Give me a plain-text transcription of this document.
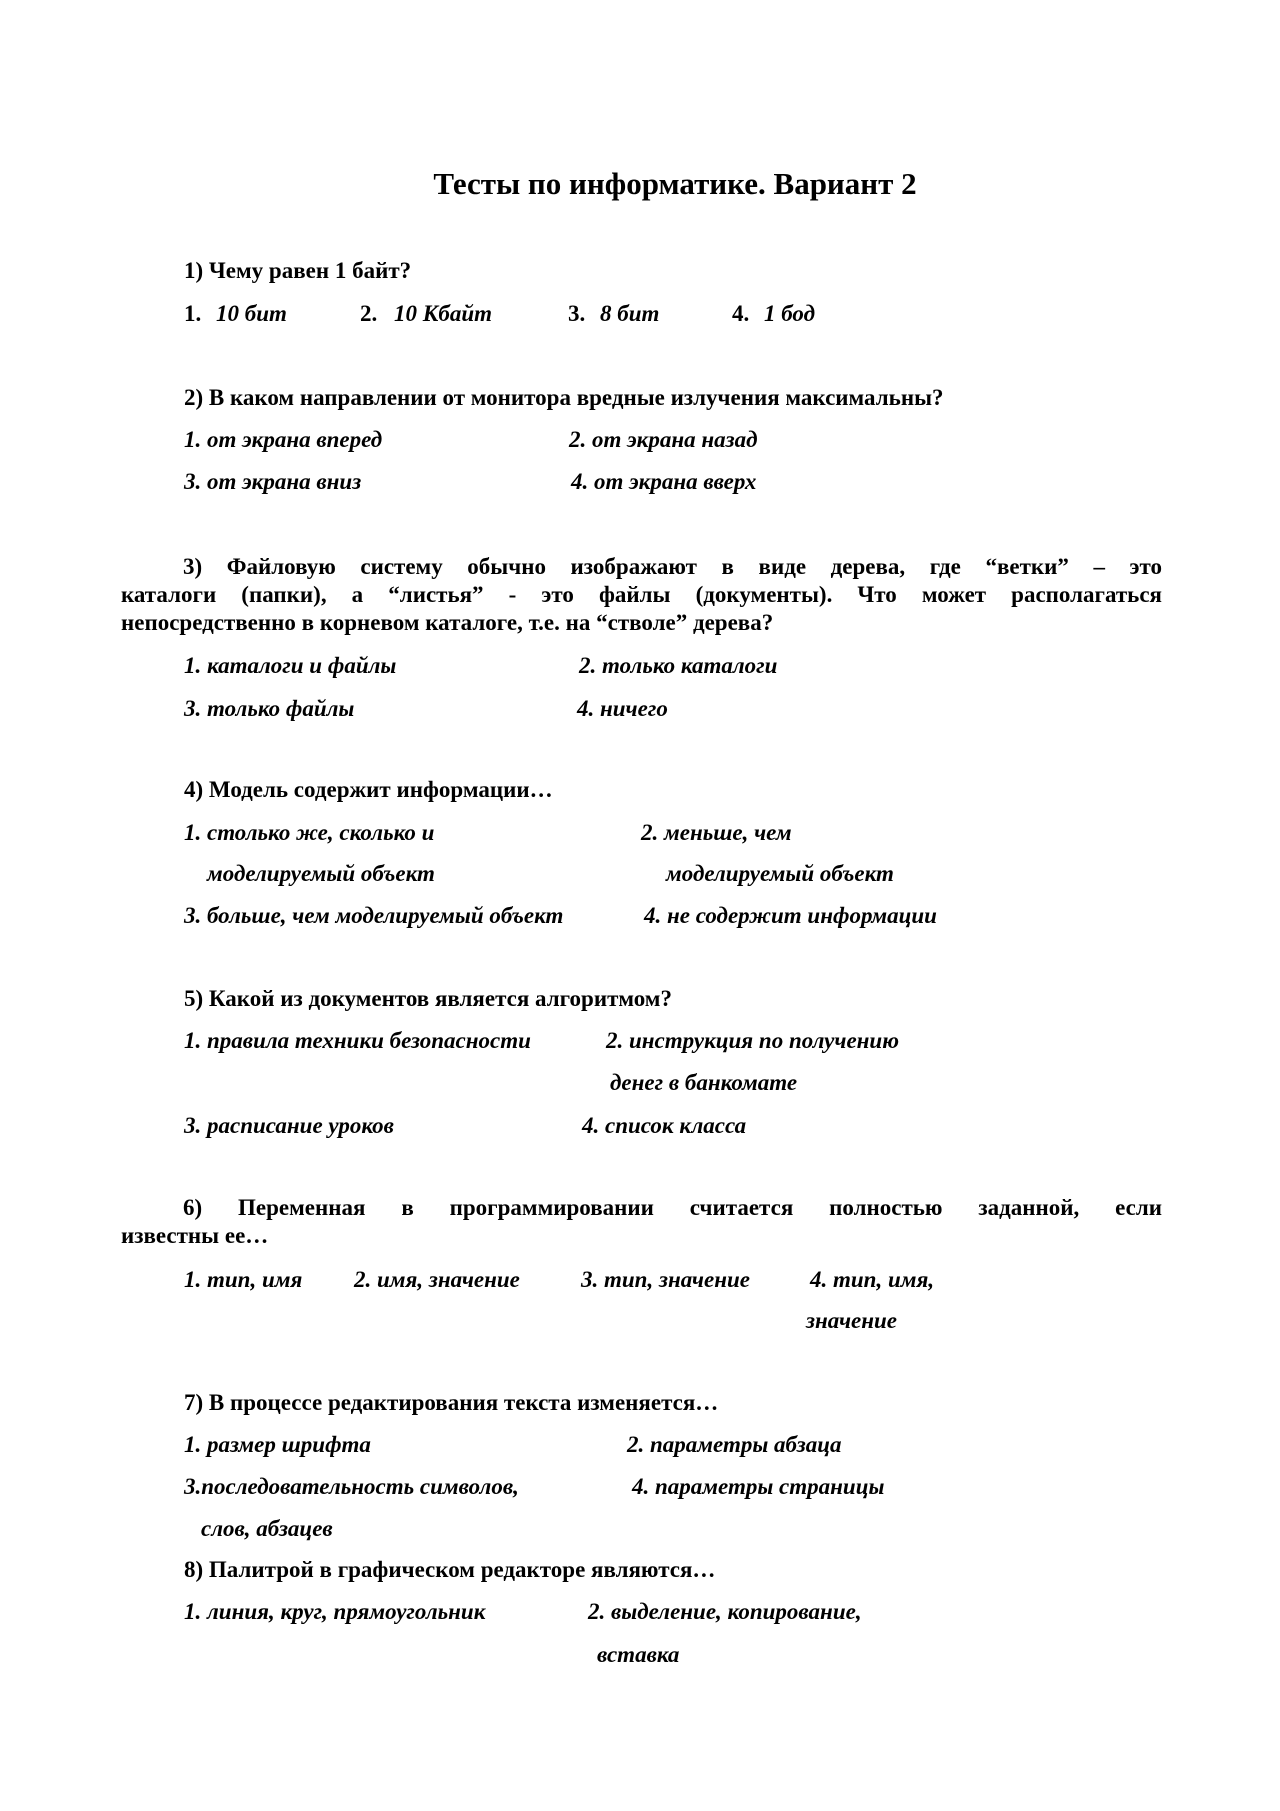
Тесты по информатике. Вариант 2
1) Чему равен 1 байт?
1. 10 бит	2. 10 Кбайт	3. 8 бит	4. 1 бод
2) В каком направлении от монитора вредные излучения максимальны?
1. от экрана вперед	2. от экрана назад
3. от экрана вниз	4. от экрана вверх
3) Файловую систему обычно изображают в виде дерева, где “ветки” – это
каталоги (папки), а “листья” - это файлы (документы). Что может располагаться
непосредственно в корневом каталоге, т.е. на “стволе” дерева?
1. каталоги и файлы	2. только каталоги
3. только файлы	4. ничего
4) Модель содержит информации…
1. столько же, сколько и	2. меньше, чем
моделируемый объект	моделируемый объект
3. больше, чем моделируемый объект	4. не содержит информации
5) Какой из документов является алгоритмом?
1. правила техники безопасности	2. инструкция по получению
денег в банкомате
3. расписание уроков	4. список класса
6) Переменная в программировании считается полностью заданной, если
известны ее…
1. тип, имя 2. имя, значение	3. тип, значение	4. тип, имя,
значение
7) В процессе редактирования текста изменяется…
1. размер шрифта	2. параметры абзаца
3.последовательность символов,	4. параметры страницы
слов, абзацев
8) Палитрой в графическом редакторе являются…
1. линия, круг, прямоугольник	2. выделение, копирование,
вставка
